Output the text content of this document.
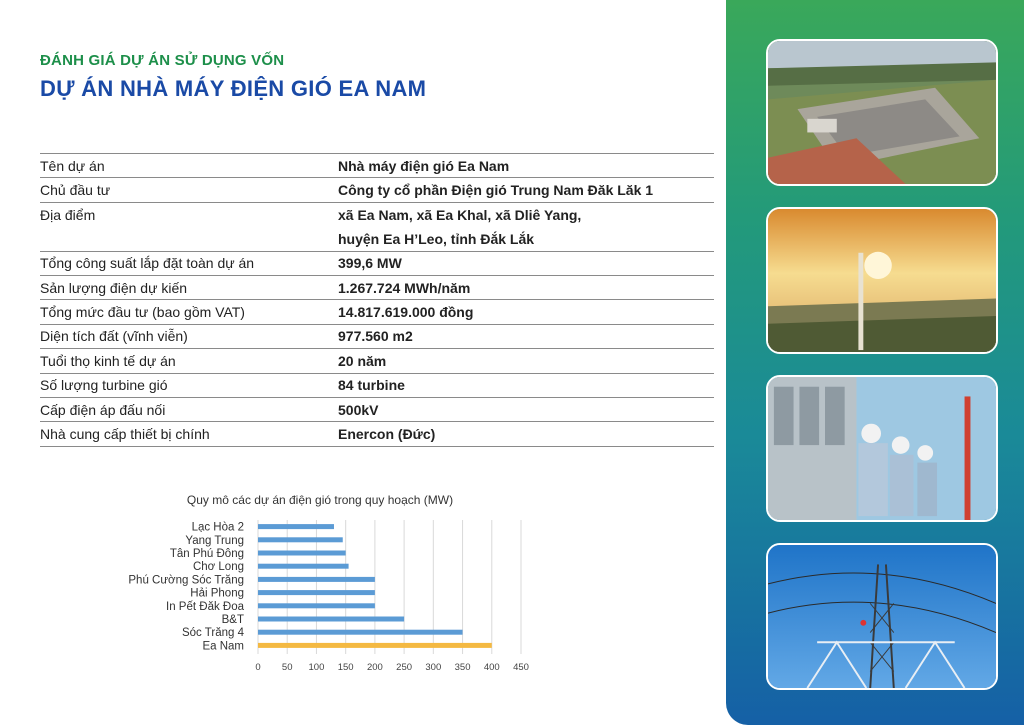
ĐÁNH GIÁ DỰ ÁN SỬ DỤNG VỐN
DỰ ÁN NHÀ MÁY ĐIỆN GIÓ EA NAM
Tên dự án	Nhà máy điện gió Ea Nam
Chủ đầu tư	Công ty cổ phần Điện gió Trung Nam Đăk Lăk 1
Địa điểm	xã Ea Nam, xã Ea Khal, xã Dliê Yang,
	huyện Ea H’Leo, tỉnh Đắk Lắk
Tổng công suất lắp đặt toàn dự án	399,6 MW
Sản lượng điện dự kiến	1.267.724 MWh/năm
Tổng mức đầu tư (bao gồm VAT)	14.817.619.000 đồng
Diện tích đất (vĩnh viễn)	977.560 m2
Tuổi thọ kinh tế dự án	20 năm
Số lượng turbine gió	84 turbine
Cấp điện áp đấu nối	500kV
Nhà cung cấp thiết bị chính	Enercon (Đức)
Quy mô các dự án điện gió trong quy hoạch (MW)
Lạc Hòa 2
Yang Trung
Tân Phú Đông
Chơ Long
Phú Cường Sóc Trăng
Hải Phong
In Pết Đăk Đoa
B&T
Sóc Trăng 4
Ea Nam
0 50 100 150 200 250 300 350 400 450
